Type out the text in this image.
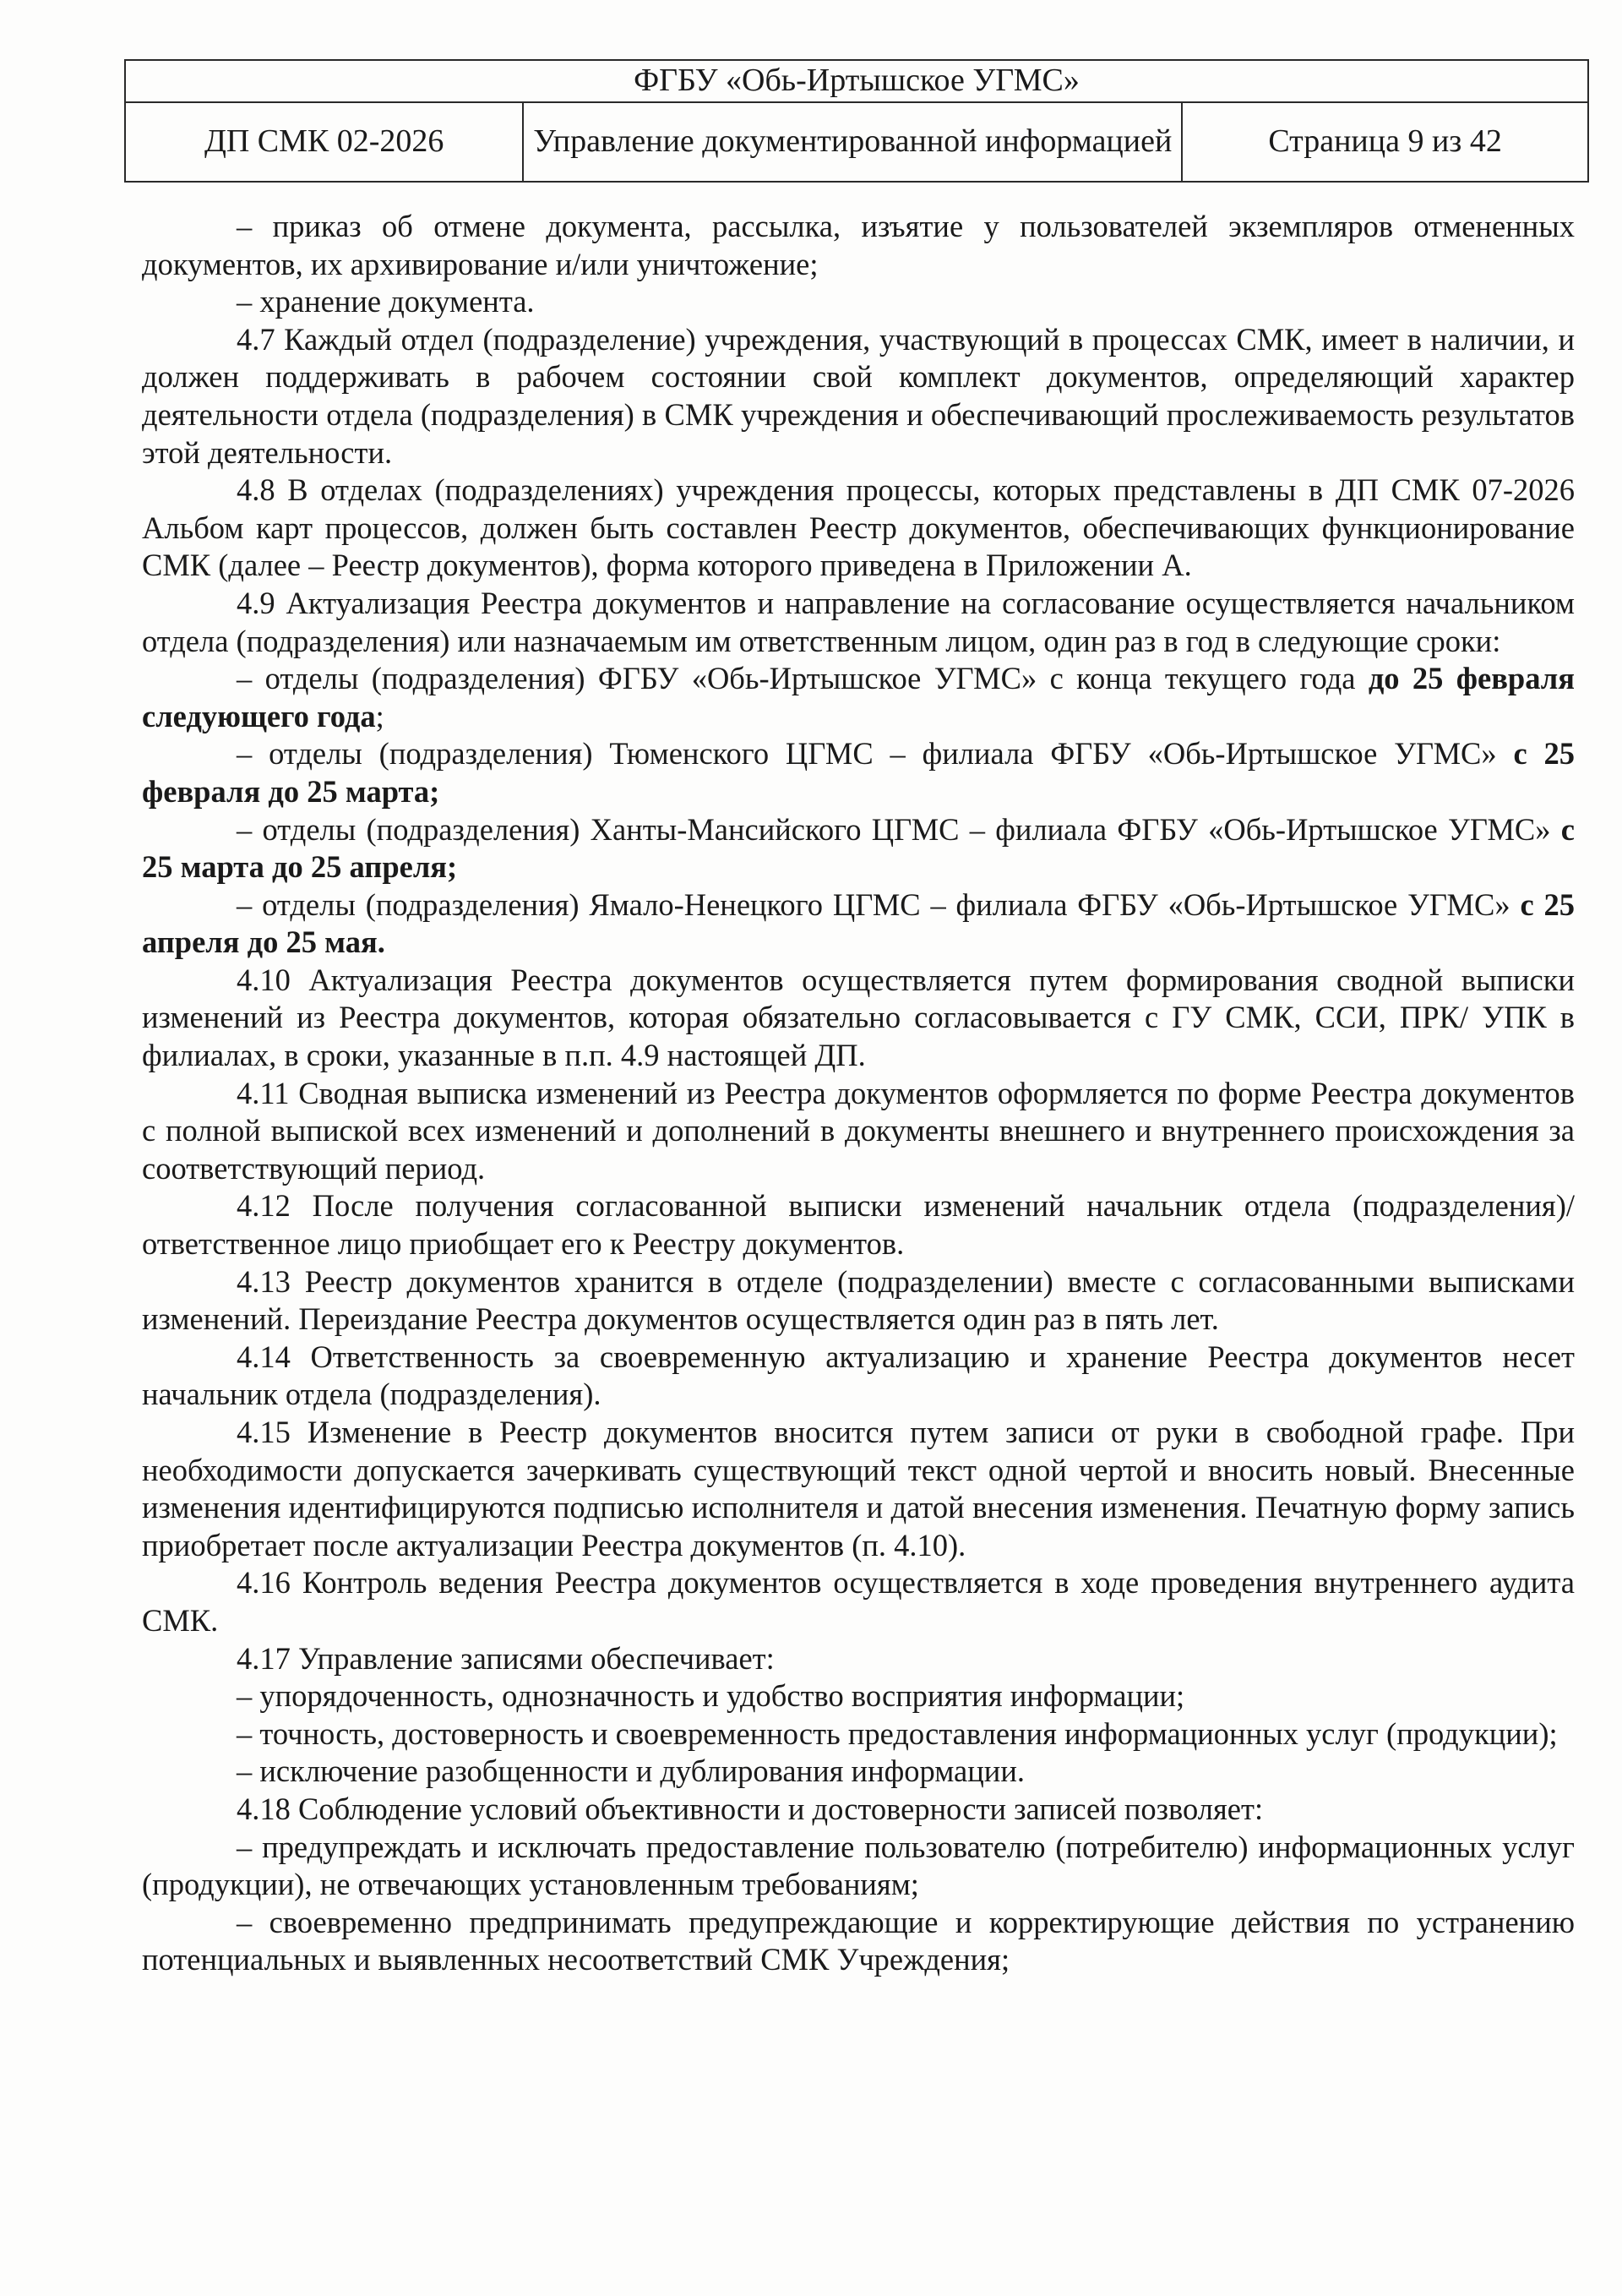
ФГБУ «Обь-Иртышское УГМС»
ДП СМК 02-2026	Управление документированной информацией	Страница 9 из 42

– приказ об отмене документа, рассылка, изъятие у пользователей экземпляров отмененных документов, их архивирование и/или уничтожение;

– хранение документа.

4.7 Каждый отдел (подразделение) учреждения, участвующий в процессах СМК, имеет в наличии, и должен поддерживать в рабочем состоянии свой комплект документов, определяющий характер деятельности отдела (подразделения) в СМК учреждения и обеспечивающий прослеживаемость результатов этой деятельности.

4.8 В отделах (подразделениях) учреждения процессы, которых представлены в ДП СМК 07-2026 Альбом карт процессов, должен быть составлен Реестр документов, обеспечивающих функционирование СМК (далее – Реестр документов), форма которого приведена в Приложении А.

4.9 Актуализация Реестра документов и направление на согласование осуществляется начальником отдела (подразделения) или назначаемым им ответственным лицом, один раз в год в следующие сроки:

– отделы (подразделения) ФГБУ «Обь-Иртышское УГМС» с конца текущего года до 25 февраля следующего года;

– отделы (подразделения) Тюменского ЦГМС – филиала ФГБУ «Обь-Иртышское УГМС» с 25 февраля до 25 марта;

– отделы (подразделения) Ханты-Мансийского ЦГМС – филиала ФГБУ «Обь-Иртышское УГМС» с 25 марта до 25 апреля;

– отделы (подразделения) Ямало-Ненецкого ЦГМС – филиала ФГБУ «Обь-Иртышское УГМС» с 25 апреля до 25 мая.

4.10 Актуализация Реестра документов осуществляется путем формирования сводной выписки изменений из Реестра документов, которая обязательно согласовывается с ГУ СМК, ССИ, ПРК/ УПК в филиалах, в сроки, указанные в п.п. 4.9 настоящей ДП.

4.11 Сводная выписка изменений из Реестра документов оформляется по форме Реестра документов с полной выпиской всех изменений и дополнений в документы внешнего и внутреннего происхождения за соответствующий период.

4.12 После получения согласованной выписки изменений начальник отдела (подразделения)/ответственное лицо приобщает его к Реестру документов.

4.13 Реестр документов хранится в отделе (подразделении) вместе с согласованными выписками изменений. Переиздание Реестра документов осуществляется один раз в пять лет.

4.14 Ответственность за своевременную актуализацию и хранение Реестра документов несет начальник отдела (подразделения).

4.15 Изменение в Реестр документов вносится путем записи от руки в свободной графе. При необходимости допускается зачеркивать существующий текст одной чертой и вносить новый. Внесенные изменения идентифицируются подписью исполнителя и датой внесения изменения. Печатную форму запись приобретает после актуализации Реестра документов (п. 4.10).

4.16 Контроль ведения Реестра документов осуществляется в ходе проведения внутреннего аудита СМК.

4.17 Управление записями обеспечивает:

– упорядоченность, однозначность и удобство восприятия информации;

– точность, достоверность и своевременность предоставления информационных услуг (продукции);

– исключение разобщенности и дублирования информации.

4.18 Соблюдение условий объективности и достоверности записей позволяет:

– предупреждать и исключать предоставление пользователю (потребителю) информационных услуг (продукции), не отвечающих установленным требованиям;

– своевременно предпринимать предупреждающие и корректирующие действия по устранению потенциальных и выявленных несоответствий СМК Учреждения;
